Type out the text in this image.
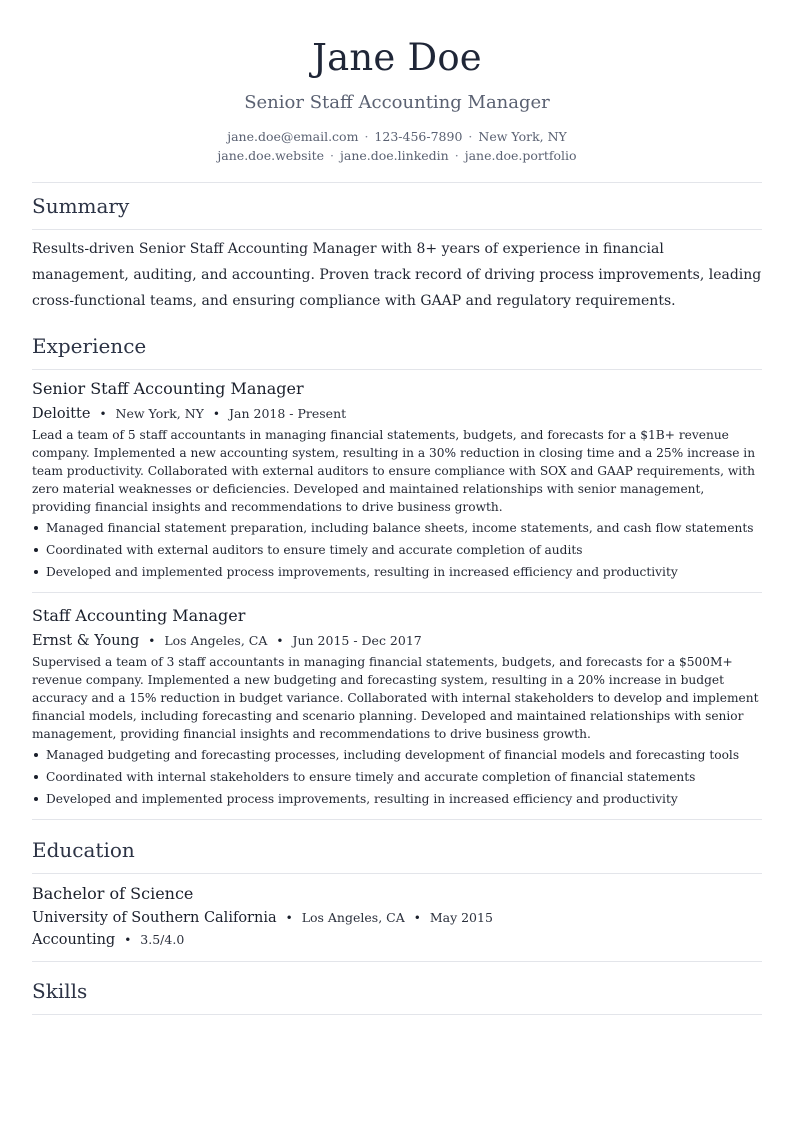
Jane Doe
Senior Staff Accounting Manager
jane.doe@email.com · 123-456-7890 · New York, NY
jane.doe.website · jane.doe.linkedin · jane.doe.portfolio
Summary

Results-driven Senior Staff Accounting Manager with 8+ years of experience in financial management, auditing, and accounting. Proven track record of driving process improvements, leading cross-functional teams, and ensuring compliance with GAAP and regulatory requirements.

Experience
Senior Staff Accounting Manager
Deloitte • New York, NY • Jan 2018 - Present

Lead a team of 5 staff accountants in managing financial statements, budgets, and forecasts for a $1B+ revenue company. Implemented a new accounting system, resulting in a 30% reduction in closing time and a 25% increase in team productivity. Collaborated with external auditors to ensure compliance with SOX and GAAP requirements, with zero material weaknesses or deficiencies. Developed and maintained relationships with senior management, providing financial insights and recommendations to drive business growth.

Managed financial statement preparation, including balance sheets, income statements, and cash flow statements
Coordinated with external auditors to ensure timely and accurate completion of audits
Developed and implemented process improvements, resulting in increased efficiency and productivity
Staff Accounting Manager
Ernst & Young • Los Angeles, CA • Jun 2015 - Dec 2017

Supervised a team of 3 staff accountants in managing financial statements, budgets, and forecasts for a $500M+ revenue company. Implemented a new budgeting and forecasting system, resulting in a 20% increase in budget accuracy and a 15% reduction in budget variance. Collaborated with internal stakeholders to develop and implement financial models, including forecasting and scenario planning. Developed and maintained relationships with senior management, providing financial insights and recommendations to drive business growth.

Managed budgeting and forecasting processes, including development of financial models and forecasting tools
Coordinated with internal stakeholders to ensure timely and accurate completion of financial statements
Developed and implemented process improvements, resulting in increased efficiency and productivity
Education
Bachelor of Science
University of Southern California • Los Angeles, CA • May 2015
Accounting • 3.5/4.0
Skills
